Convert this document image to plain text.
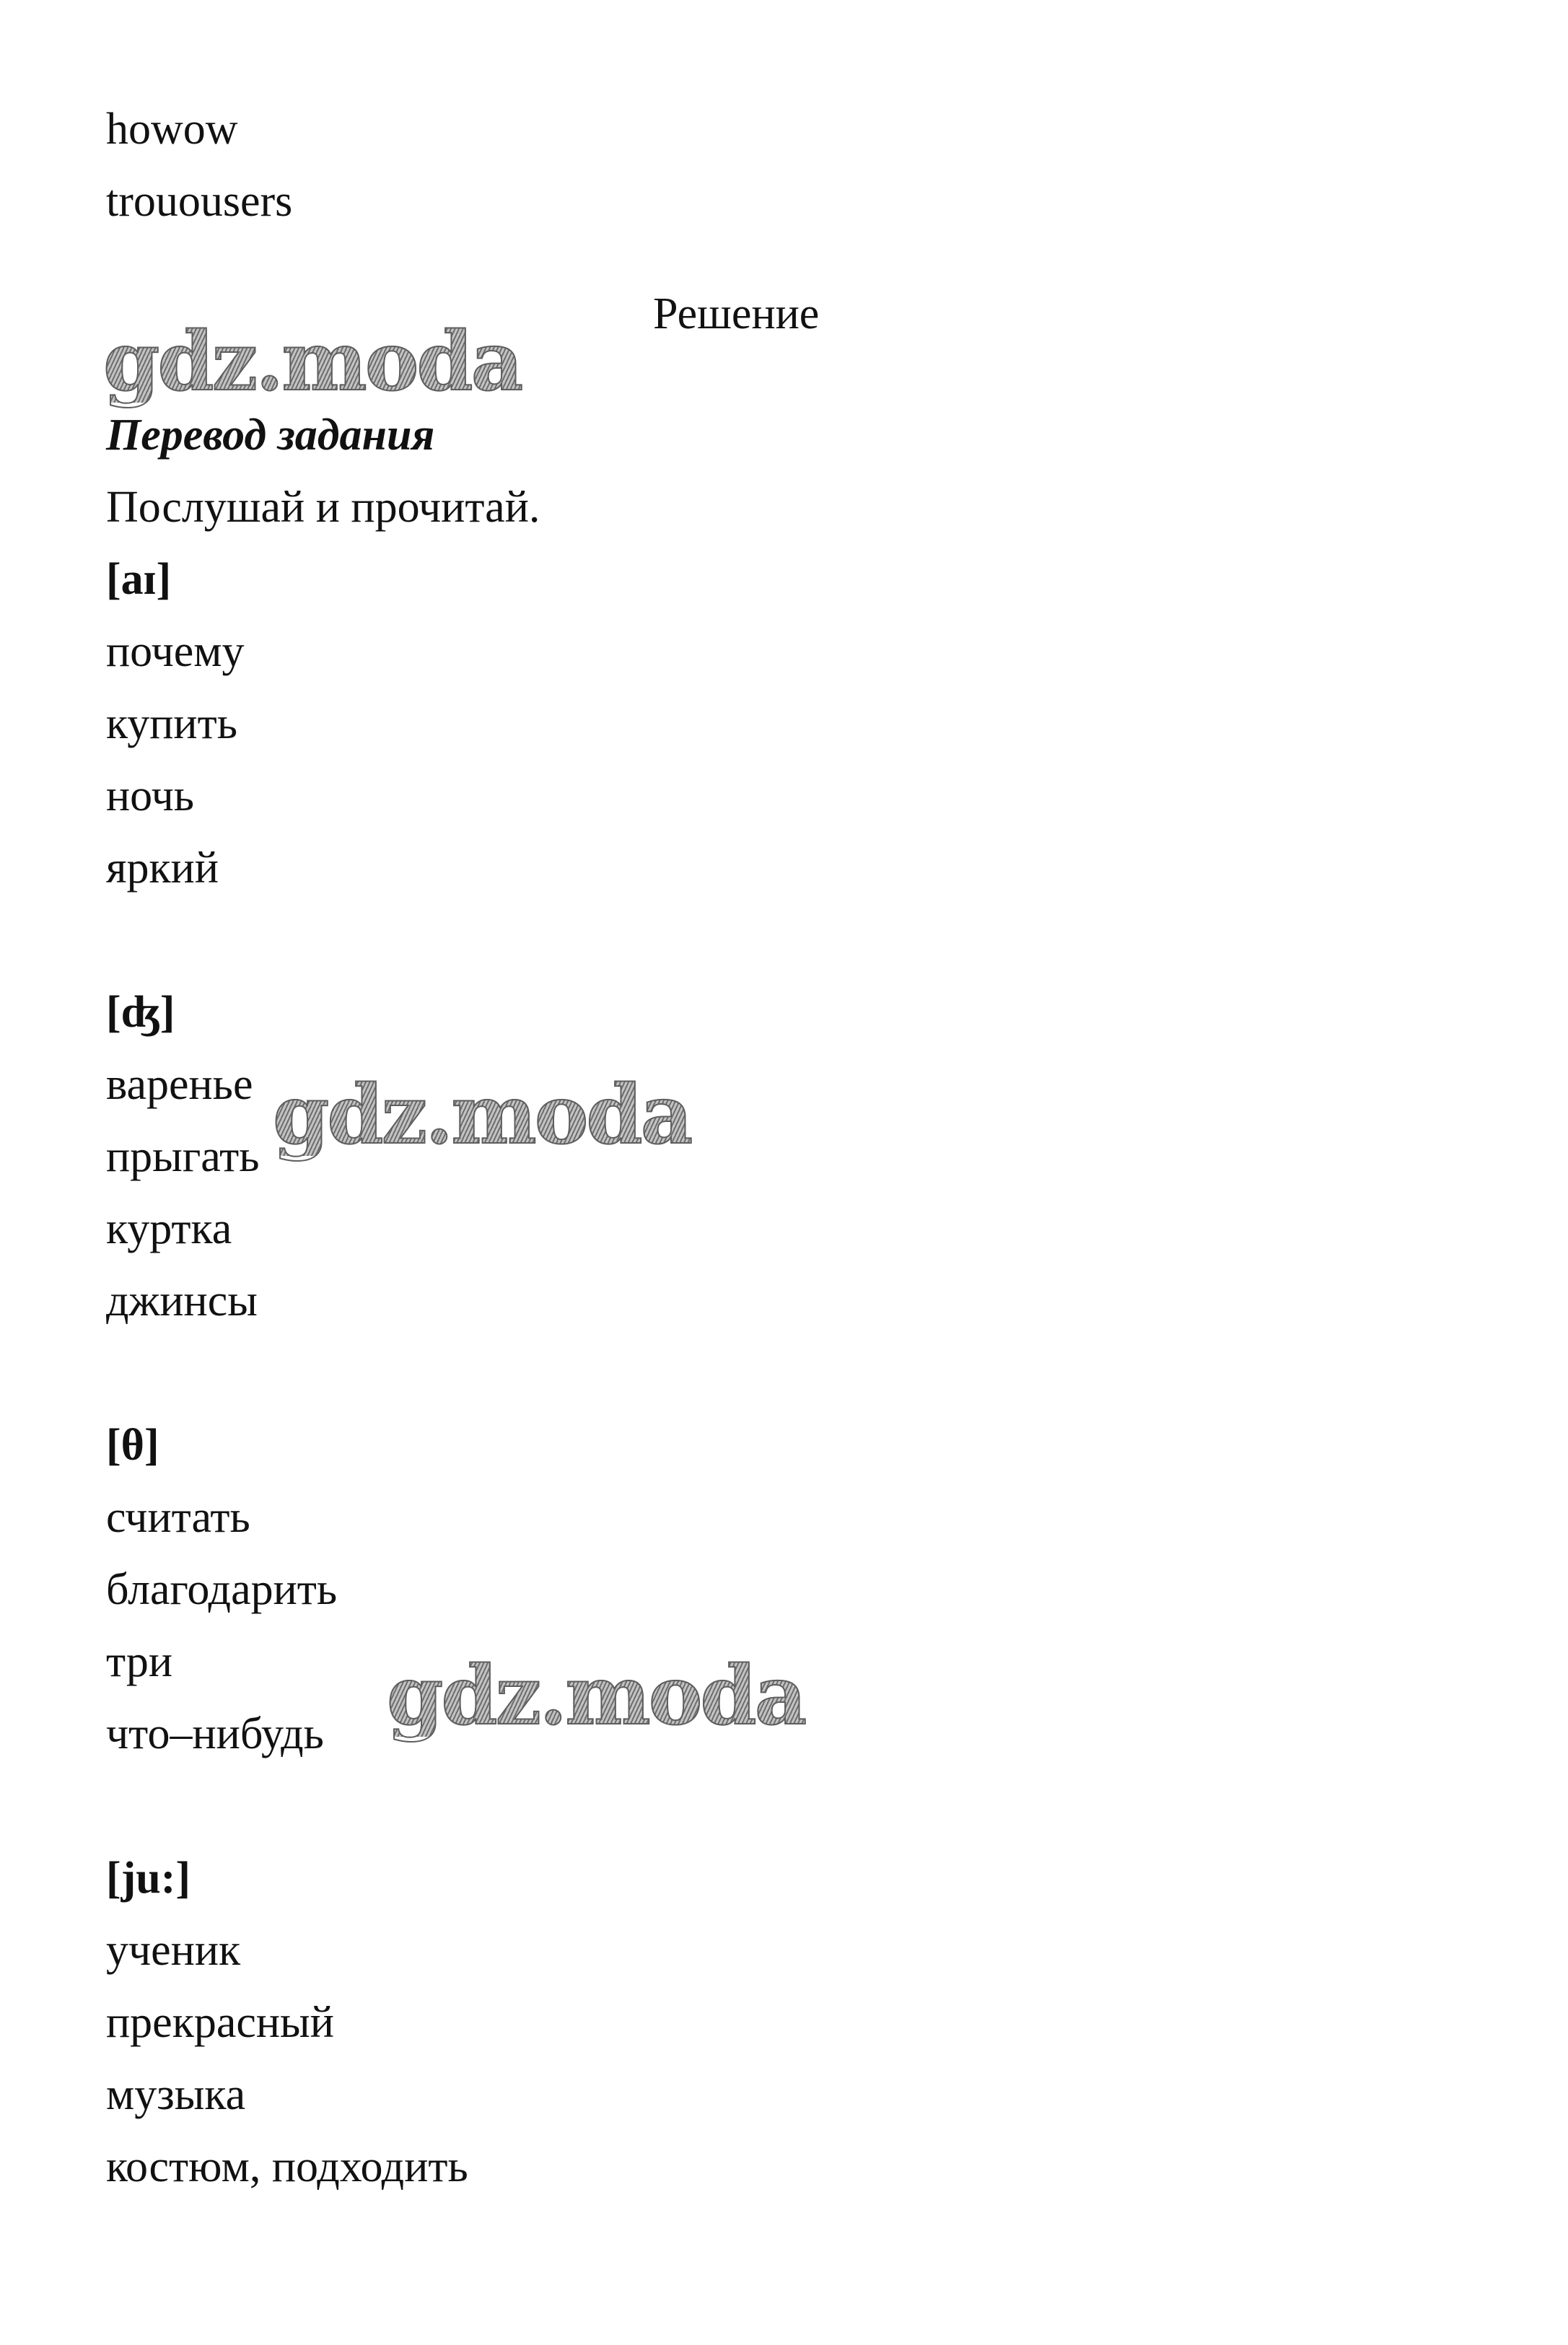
howow
trouousers
Решение
gdz.moda
Перевод задания
Послушай и прочитай.
[aɪ]
почему
купить
ночь
яркий
[ʤ]
варенье
прыгать
куртка
джинсы
gdz.moda
[θ]
считать
благодарить
три
что–нибудь gdz.moda
[ju:]
ученик
прекрасный
музыка
костюм, подходить
